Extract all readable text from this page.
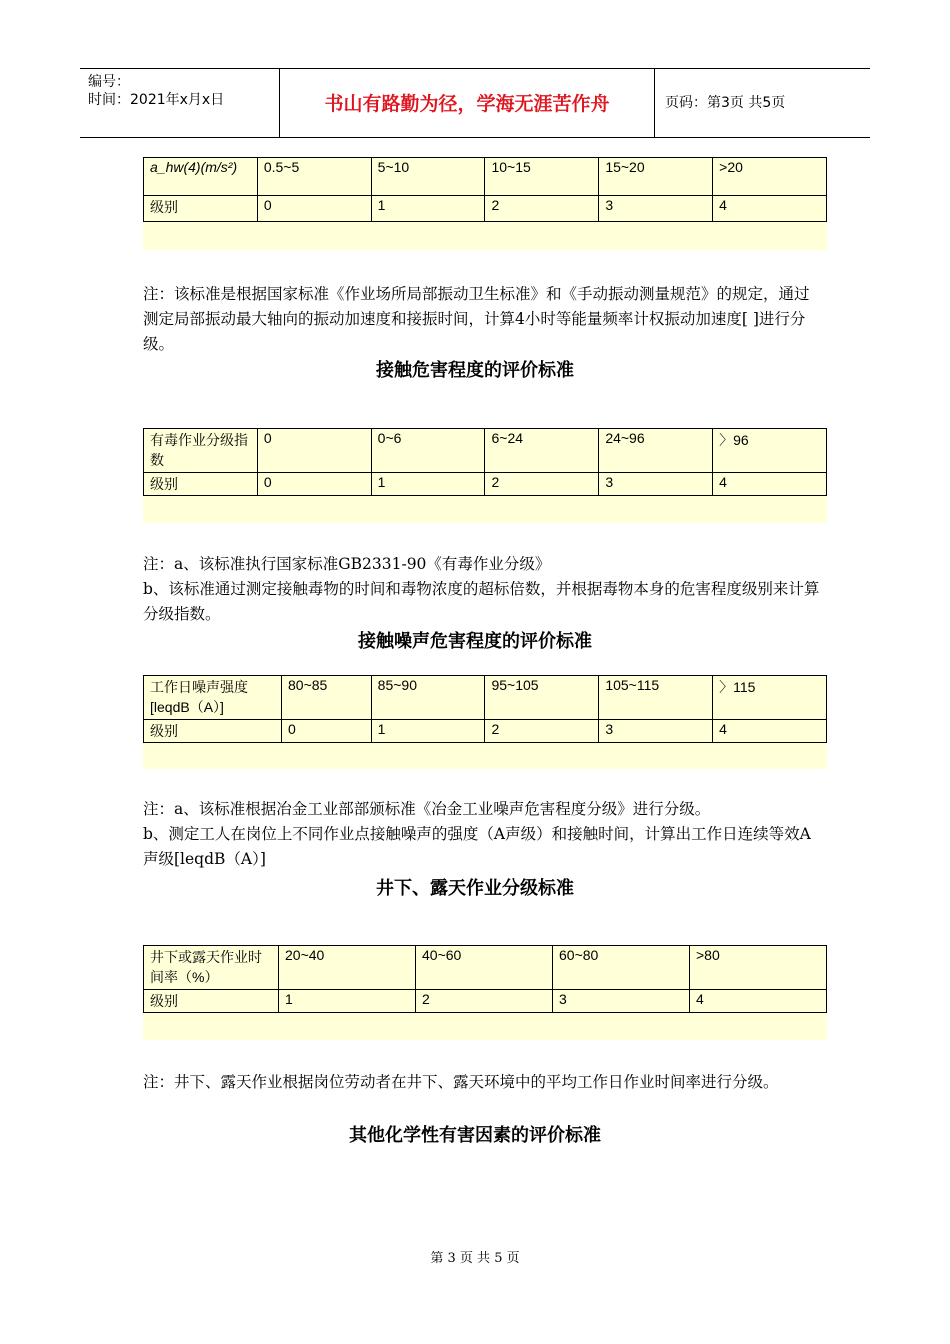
编号：
时间：2021年x月x日	书山有路勤为径，学海无涯苦作舟	页码：第3页 共5页
a_hw(4)(m/s²)	0.5~5	5~10	10~15	15~20	>20
级别	0	1	2	3	4
注：该标准是根据国家标准《作业场所局部振动卫生标准》和《手动振动测量规范》的规定，通过测定局部振动最大轴向的振动加速度和接振时间，计算4小时等能量频率计权振动加速度[ ]进行分级。
接触危害程度的评价标准
有毒作业分级指数	0	0~6	6~24	24~96	〉96
级别	0	1	2	3	4
注：a、该标准执行国家标准GB2331-90《有毒作业分级》
b、该标准通过测定接触毒物的时间和毒物浓度的超标倍数，并根据毒物本身的危害程度级别来计算分级指数。
接触噪声危害程度的评价标准
工作日噪声强度[leqdB（A）]	80~85	85~90	95~105	105~115	〉115
级别	0	1	2	3	4
注：a、该标准根据冶金工业部部颁标准《冶金工业噪声危害程度分级》进行分级。
b、测定工人在岗位上不同作业点接触噪声的强度（A声级）和接触时间，计算出工作日连续等效A声级[leqdB（A）]
井下、露天作业分级标准
井下或露天作业时间率（%）	20~40	40~60	60~80	>80
级别	1	2	3	4
注：井下、露天作业根据岗位劳动者在井下、露天环境中的平均工作日作业时间率进行分级。
其他化学性有害因素的评价标准
第 3 页 共 5 页
